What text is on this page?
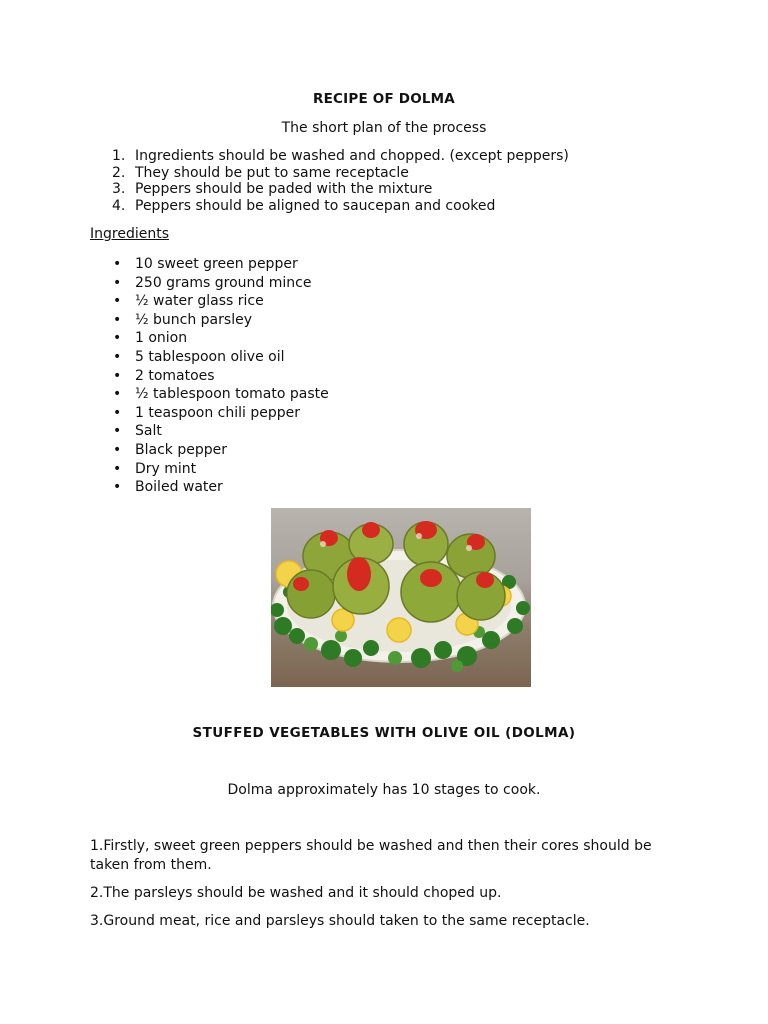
RECIPE OF DOLMA
The short plan of the process
1. Ingredients should be washed and chopped. (except peppers)
2. They should be put to same receptacle
3. Peppers should be paded with the mixture
4. Peppers should be aligned to saucepan and cooked
Ingredients
• 10 sweet green pepper
• 250 grams ground mince
• ½ water glass rice
• ½ bunch parsley
• 1 onion
• 5 tablespoon olive oil
• 2 tomatoes
• ½ tablespoon tomato paste
• 1 teaspoon chili pepper
• Salt
• Black pepper
• Dry mint
• Boiled water
STUFFED VEGETABLES WITH OLIVE OIL (DOLMA)
Dolma approximately has 10 stages to cook.
1.Firstly, sweet green peppers should be washed and then their cores should be taken from them.
2.The parsleys should be washed and it should choped up.
3.Ground meat, rice and parsleys should taken to the same receptacle.
